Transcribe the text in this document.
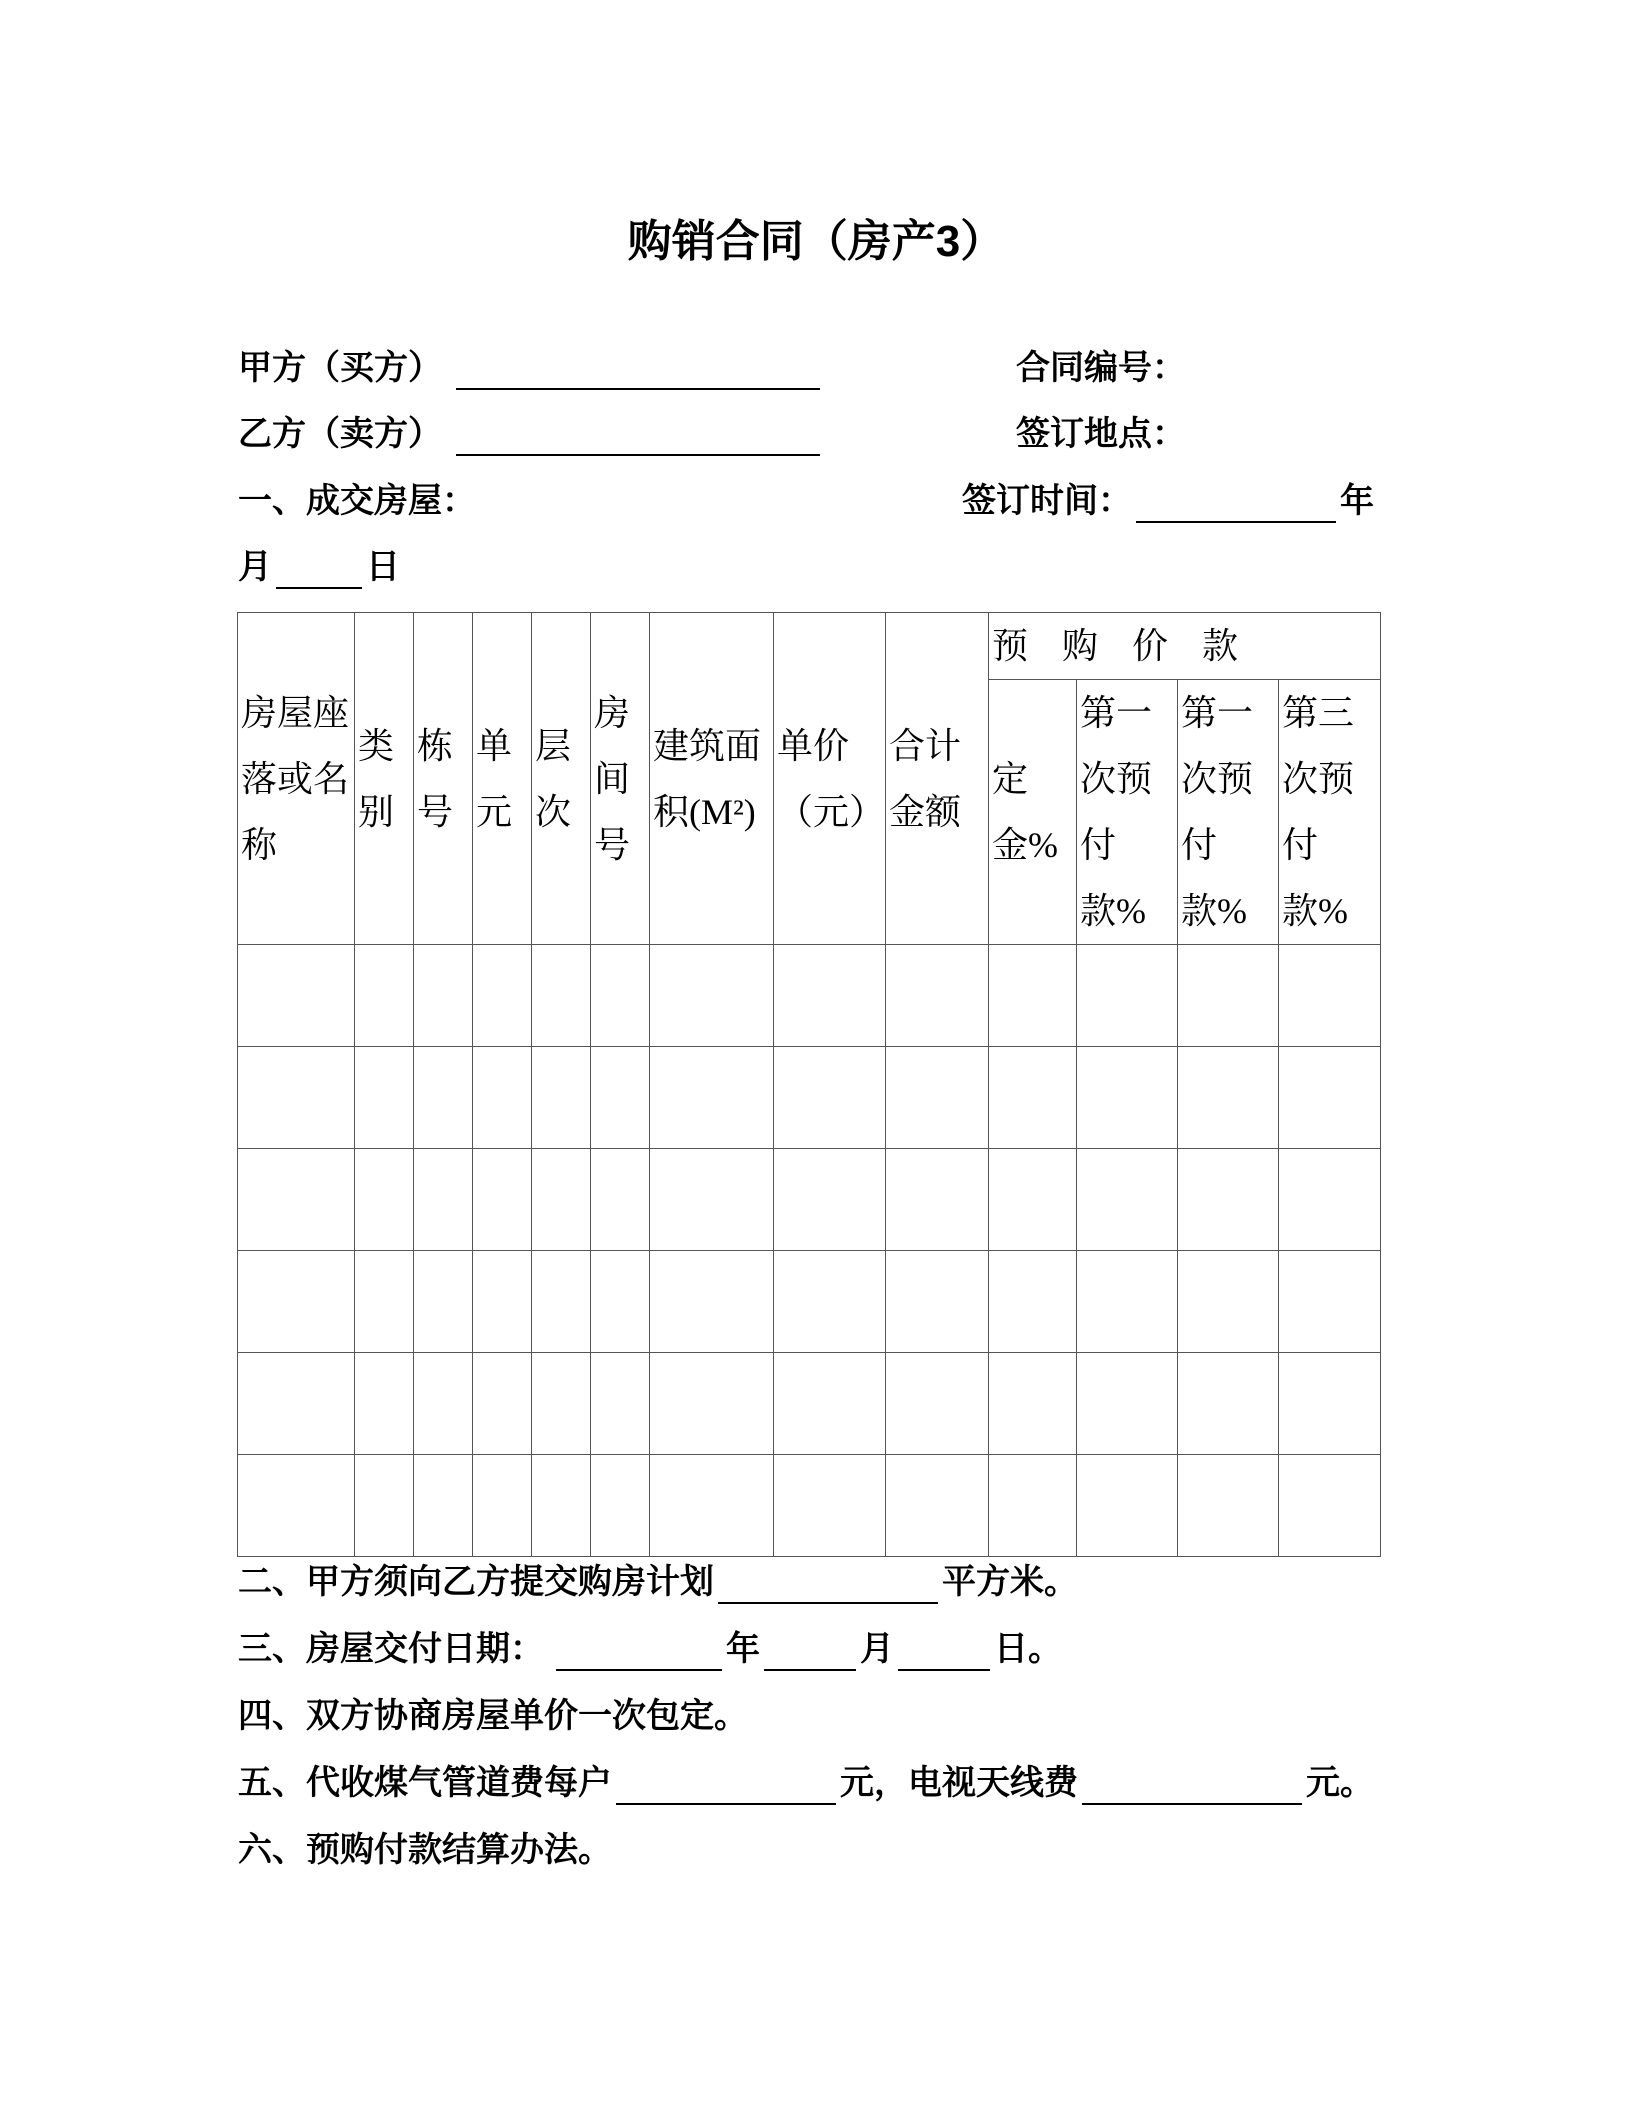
购销合同（房产3）
甲方（买方）	合同编号：
乙方（卖方）	签订地点：
一、成交房屋：	签订时间：	年
月	日
房屋座落或名称	类别	栋号	单元	层次	房间号	建筑面积(M²)	单价（元）	合计金额	预购价款			
									定金%	第一次预付款%	第一次预付款%	第三次预付款%

二、甲方须向乙方提交购房计划	平方米。
三、房屋交付日期：	年	月	日。
四、双方协商房屋单价一次包定。
五、代收煤气管道费每户	元，电视天线费	元。
六、预购付款结算办法。
